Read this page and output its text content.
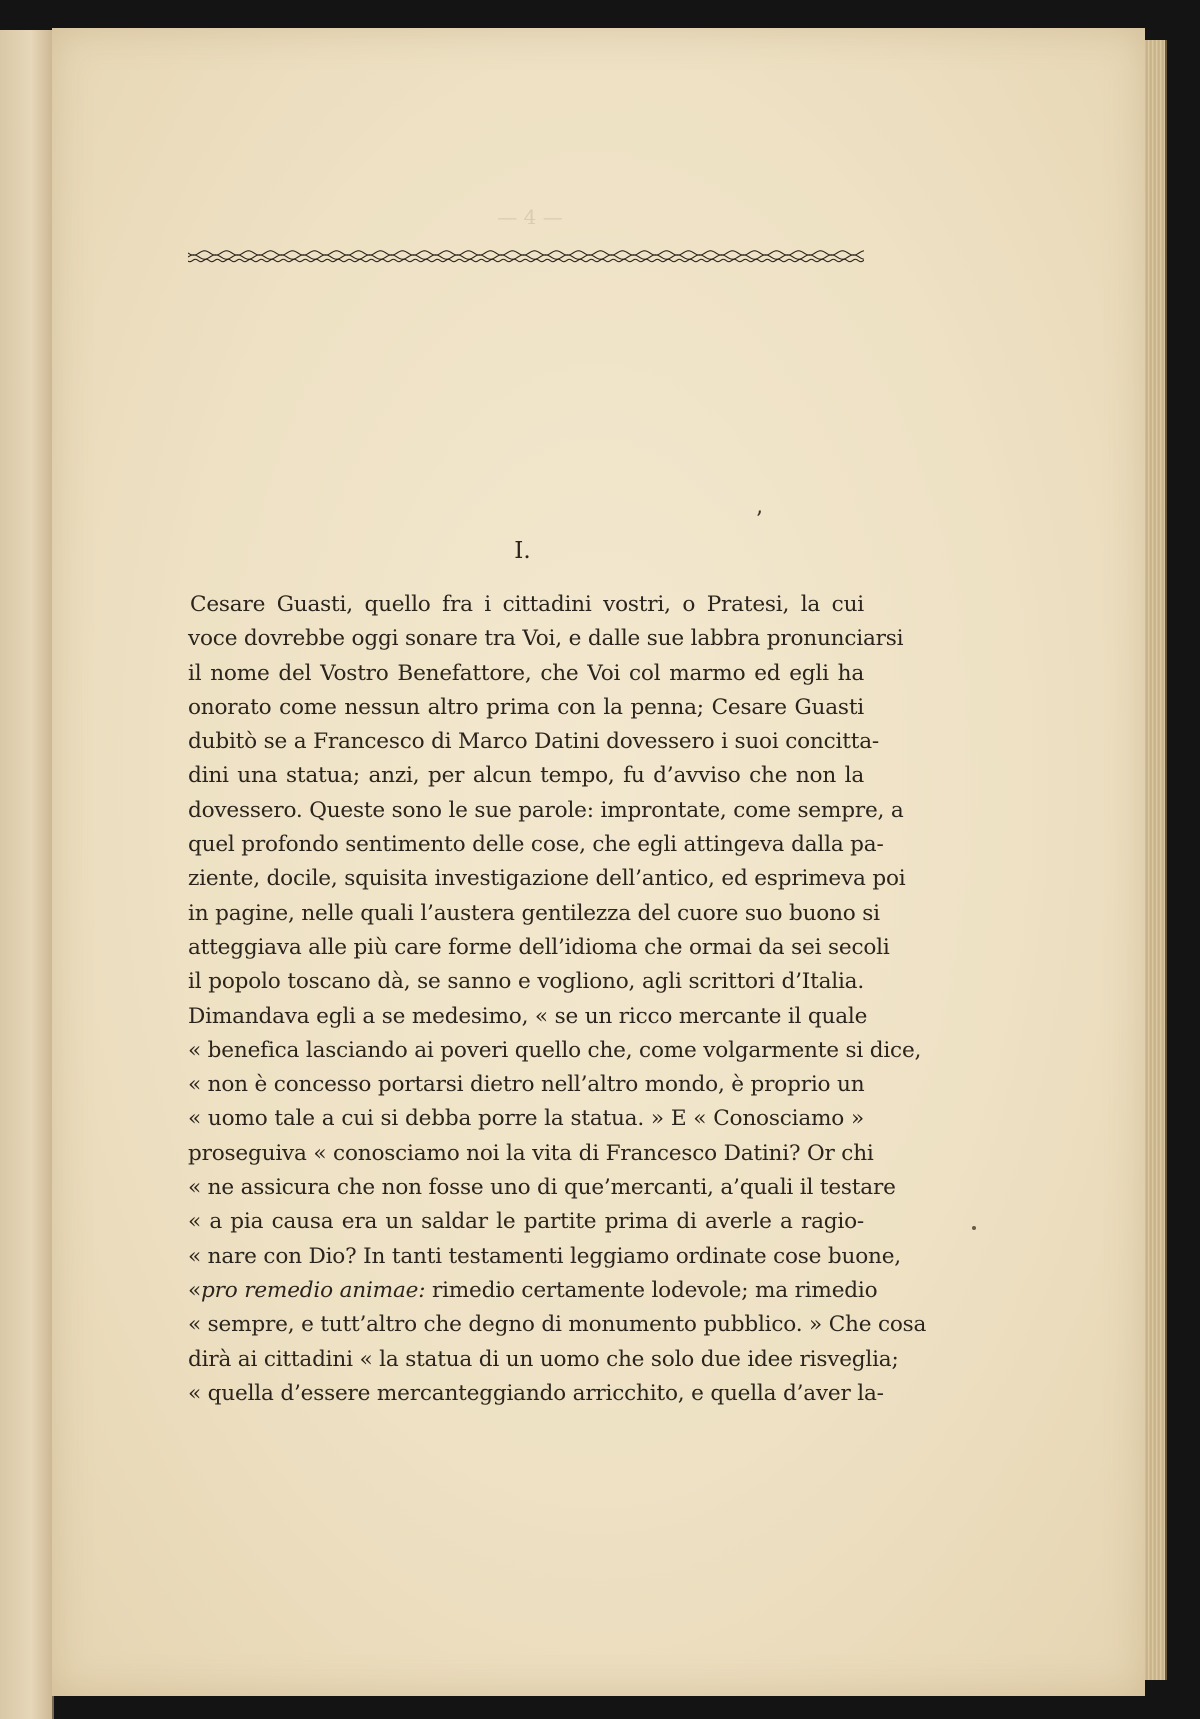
— 4 —
ʼ
I.
Cesare Guasti, quello fra i cittadini vostri, o Pratesi, la cui
voce dovrebbe oggi sonare tra Voi, e dalle sue labbra pronunciarsi
il nome del Vostro Benefattore, che Voi col marmo ed egli ha
onorato come nessun altro prima con la penna; Cesare Guasti
dubitò se a Francesco di Marco Datini dovessero i suoi concitta-
dini una statua; anzi, per alcun tempo, fu d’avviso che non la
dovessero. Queste sono le sue parole: improntate, come sempre, a
quel profondo sentimento delle cose, che egli attingeva dalla pa-
ziente, docile, squisita investigazione dell’antico, ed esprimeva poi
in pagine, nelle quali l’austera gentilezza del cuore suo buono si
atteggiava alle più care forme dell’idioma che ormai da sei secoli
il popolo toscano dà, se sanno e vogliono, agli scrittori d’Italia.
Dimandava egli a se medesimo, « se un ricco mercante il quale
« benefica lasciando ai poveri quello che, come volgarmente si dice,
« non è concesso portarsi dietro nell’altro mondo, è proprio un
« uomo tale a cui si debba porre la statua. » E « Conosciamo »
proseguiva « conosciamo noi la vita di Francesco Datini? Or chi
« ne assicura che non fosse uno di que’mercanti, a’quali il testare
« a pia causa era un saldar le partite prima di averle a ragio-
« nare con Dio? In tanti testamenti leggiamo ordinate cose buone,
«pro remedio animae: rimedio certamente lodevole; ma rimedio
« sempre, e tutt’altro che degno di monumento pubblico. » Che cosa
dirà ai cittadini « la statua di un uomo che solo due idee risveglia;
« quella d’essere mercanteggiando arricchito, e quella d’aver la-
